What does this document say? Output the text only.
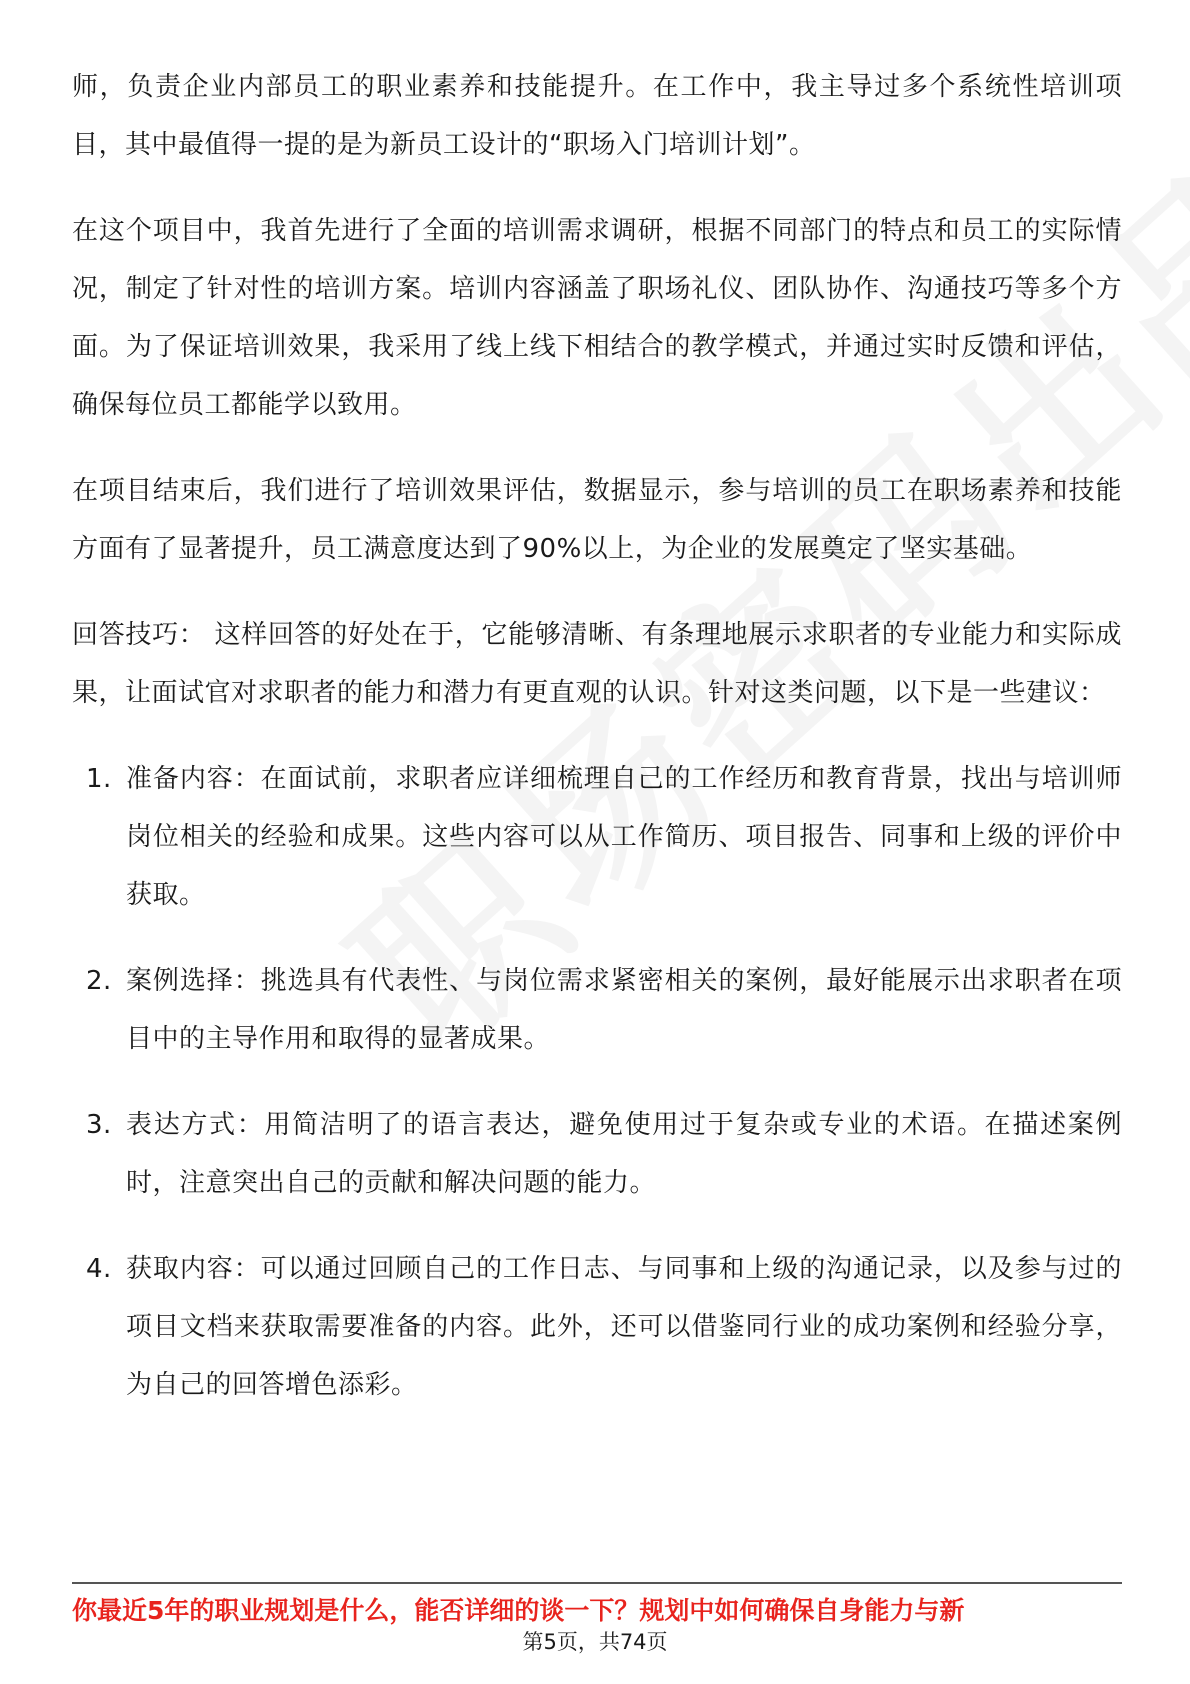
师，负责企业内部员工的职业素养和技能提升。在工作中，我主导过多个系统性培训项目，其中最值得一提的是为新员工设计的“职场入门培训计划”。

在这个项目中，我首先进行了全面的培训需求调研，根据不同部门的特点和员工的实际情况，制定了针对性的培训方案。培训内容涵盖了职场礼仪、团队协作、沟通技巧等多个方面。为了保证培训效果，我采用了线上线下相结合的教学模式，并通过实时反馈和评估，确保每位员工都能学以致用。

在项目结束后，我们进行了培训效果评估，数据显示，参与培训的员工在职场素养和技能方面有了显著提升，员工满意度达到了90%以上，为企业的发展奠定了坚实基础。

回答技巧： 这样回答的好处在于，它能够清晰、有条理地展示求职者的专业能力和实际成果，让面试官对求职者的能力和潜力有更直观的认识。针对这类问题，以下是一些建议：

1. 准备内容：在面试前，求职者应详细梳理自己的工作经历和教育背景，找出与培训师岗位相关的经验和成果。这些内容可以从工作简历、项目报告、同事和上级的评价中获取。
2. 案例选择：挑选具有代表性、与岗位需求紧密相关的案例，最好能展示出求职者在项目中的主导作用和取得的显著成果。
3. 表达方式：用简洁明了的语言表达，避免使用过于复杂或专业的术语。在描述案例时，注意突出自己的贡献和解决问题的能力。
4. 获取内容：可以通过回顾自己的工作日志、与同事和上级的沟通记录，以及参与过的项目文档来获取需要准备的内容。此外，还可以借鉴同行业的成功案例和经验分享，为自己的回答增色添彩。
你最近5年的职业规划是什么，能否详细的谈一下？规划中如何确保自身能力与新
第5页，共74页
